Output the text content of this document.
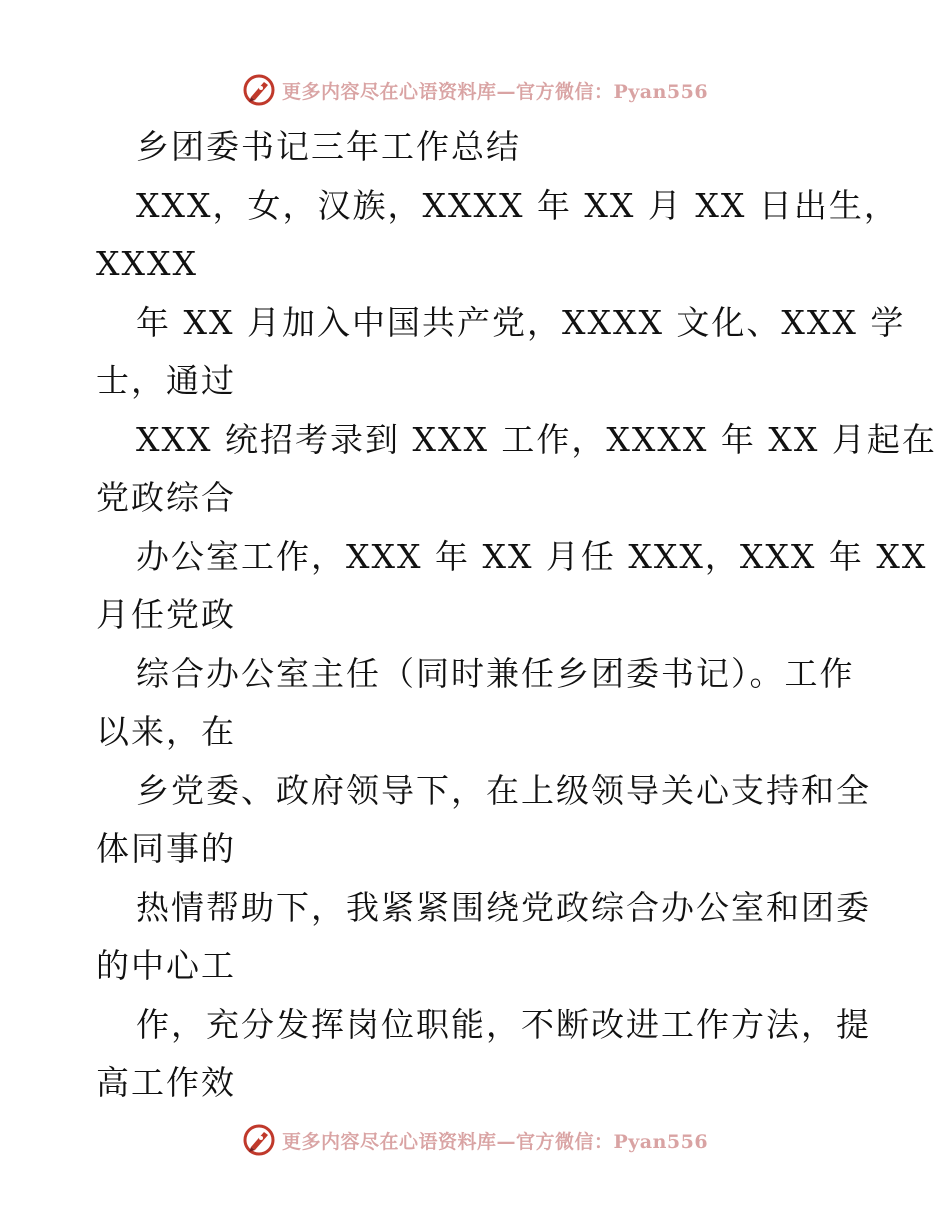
更多内容尽在心语资料库—官方微信：Pyan556
乡团委书记三年工作总结
XXX，女，汉族，XXXX 年 XX 月 XX 日出生，
XXXX
年 XX 月加入中国共产党，XXXX 文化、XXX 学
士，通过
XXX 统招考录到 XXX 工作，XXXX 年 XX 月起在
党政综合
办公室工作，XXX 年 XX 月任 XXX，XXX 年 XX
月任党政
综合办公室主任（同时兼任乡团委书记）。工作
以来，在
乡党委、政府领导下，在上级领导关心支持和全
体同事的
热情帮助下，我紧紧围绕党政综合办公室和团委
的中心工
作，充分发挥岗位职能，不断改进工作方法，提
高工作效
更多内容尽在心语资料库—官方微信：Pyan556
